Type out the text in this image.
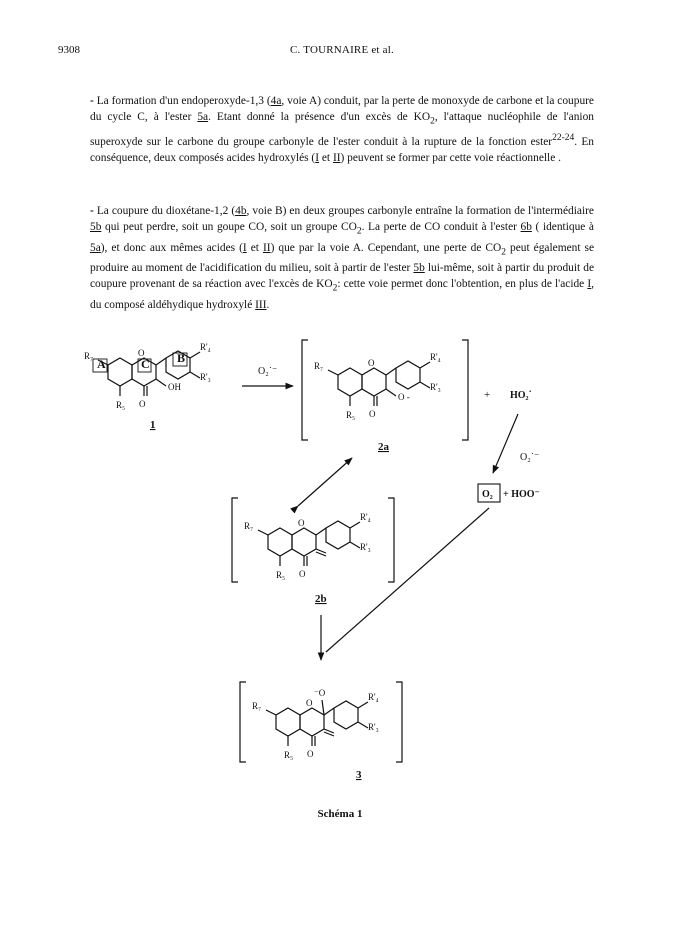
9308	C. TOURNAIRE et al.
- La formation d'un endoperoxyde-1,3 (4a, voie A) conduit, par la perte de monoxyde de carbone et la coupure du cycle C, à l'ester 5a. Etant donné la présence d'un excès de $KO_2$, l'attaque nucléophile de l'anion superoxyde sur le carbone du groupe carbonyle de l'ester conduit à la rupture de la fonction ester$^{22-24}$. En conséquence, deux composés acides hydroxylés (I et II) peuvent se former par cette voie réactionnelle .
- La coupure du dioxétane-1,2 (4b, voie B) en deux groupes carbonyle entraîne la formation de l'intermédiaire 5b qui peut perdre, soit un goupe CO, soit un groupe $CO_2$. La perte de CO conduit à l'ester 6b ( identique à 5a), et donc aux mêmes acides (I et II) que par la voie A. Cependant, une perte de $CO_2$ peut également se produire au moment de l'acidification du milieu, soit à partir de l'ester 5b lui-même, soit à partir du produit de coupure provenant de sa réaction avec l'excès de $KO_2$: cette voie permet donc l'obtention, en plus de l'acide I, du composé aldéhydique hydroxylé III.
A	C B
R₇
R₅ O
O
OH
R'₄
R'₃
1
O₂˙⁻	R₇
R₅ O
O
O -
R'₄
R'₃
2a
+ HO₂˙
O₂˙⁻
O₂ + HOO⁻
R₇
R₅ O
O
R'₄
R'₃
2b
⁻O
R₇
R₅ O
O
R'₄
R'₃
3
Schéma 1
